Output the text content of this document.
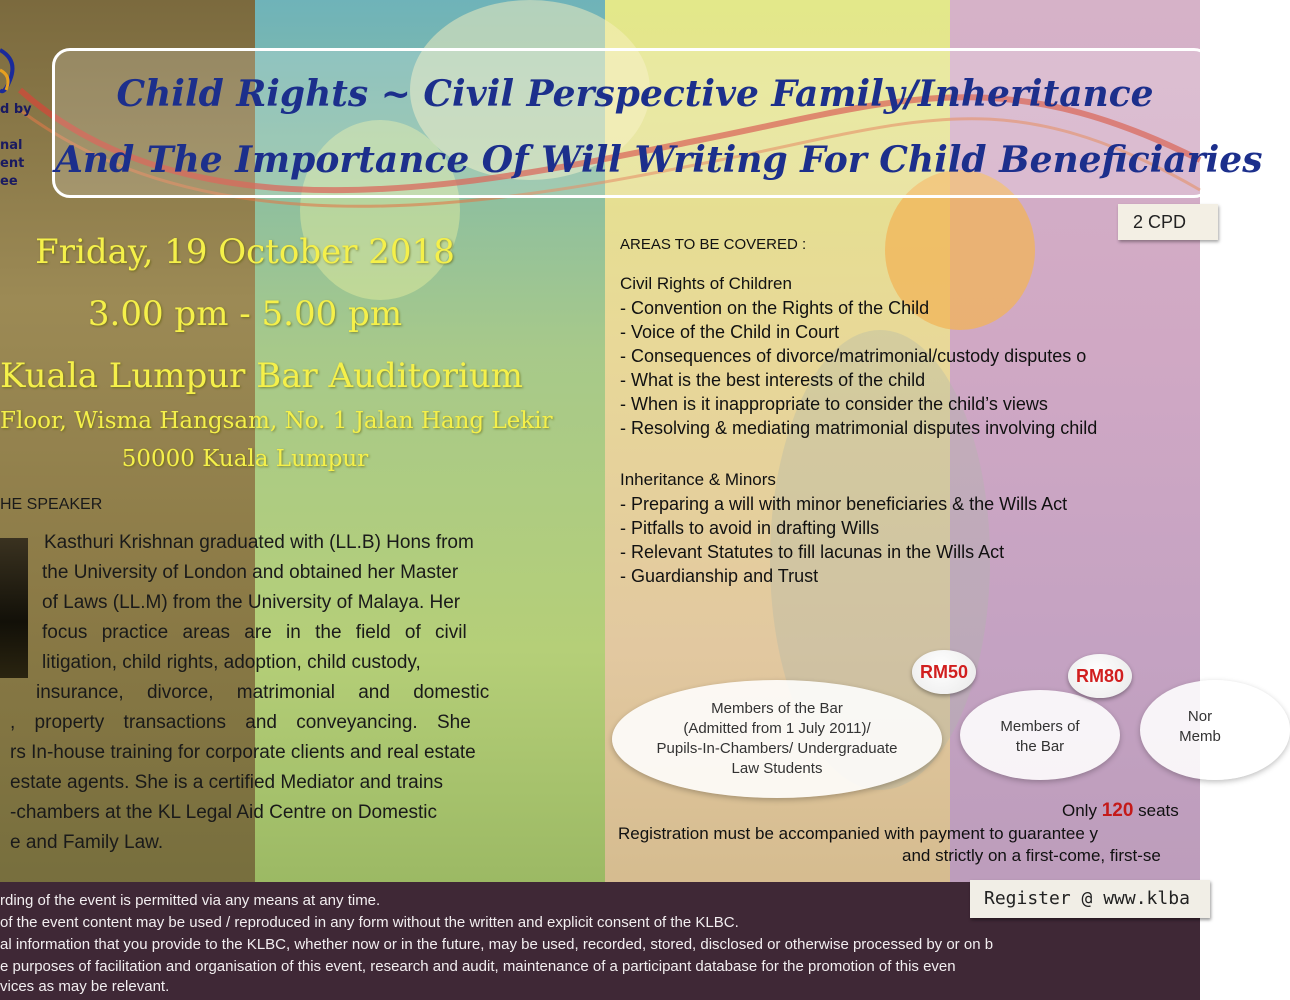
d by
nal
ent
ee
Child Rights ~ Civil Perspective Family/Inheritance
And The Importance Of Will Writing For Child Beneficiaries
2 CPD
Friday, 19 October 2018
3.00 pm - 5.00 pm
Kuala Lumpur Bar Auditorium
Floor, Wisma Hangsam, No. 1 Jalan Hang Lekir
50000 Kuala Lumpur
HE SPEAKER
Kasthuri Krishnan graduated with (LL.B) Hons from
the University of London and obtained her Master
of Laws (LL.M) from the University of Malaya. Her
focus practice areas are in the field of civil
litigation, child rights, adoption, child custody,
insurance, divorce, matrimonial and domestic
, property transactions and conveyancing. She
rs In-house training for corporate clients and real estate
estate agents. She is a certified Mediator and trains
-chambers at the KL Legal Aid Centre on Domestic
e and Family Law.
AREAS TO BE COVERED :
Civil Rights of Children
- Convention on the Rights of the Child
- Voice of the Child in Court
- Consequences of divorce/matrimonial/custody disputes o
- What is the best interests of the child
- When is it inappropriate to consider the child’s views
- Resolving & mediating matrimonial disputes involving child
Inheritance & Minors
- Preparing a will with minor beneficiaries & the Wills Act
- Pitfalls to avoid in drafting Wills
- Relevant Statutes to fill lacunas in the Wills Act
- Guardianship and Trust
Members of the Bar
(Admitted from 1 July 2011)/
Pupils-In-Chambers/ Undergraduate
Law Students
RM50
Members of
the Bar
RM80
Nor
Memb
Only 120 seats
Registration must be accompanied with payment to guarantee y
and strictly on a first-come, first-se
rding of the event is permitted via any means at any time.
of the event content may be used / reproduced in any form without the written and explicit consent of the KLBC.
al information that you provide to the KLBC, whether now or in the future, may be used, recorded, stored, disclosed or otherwise processed by or on b
e purposes of facilitation and organisation of this event, research and audit, maintenance of a participant database for the promotion of this even
vices as may be relevant.
Register @ www.klba
